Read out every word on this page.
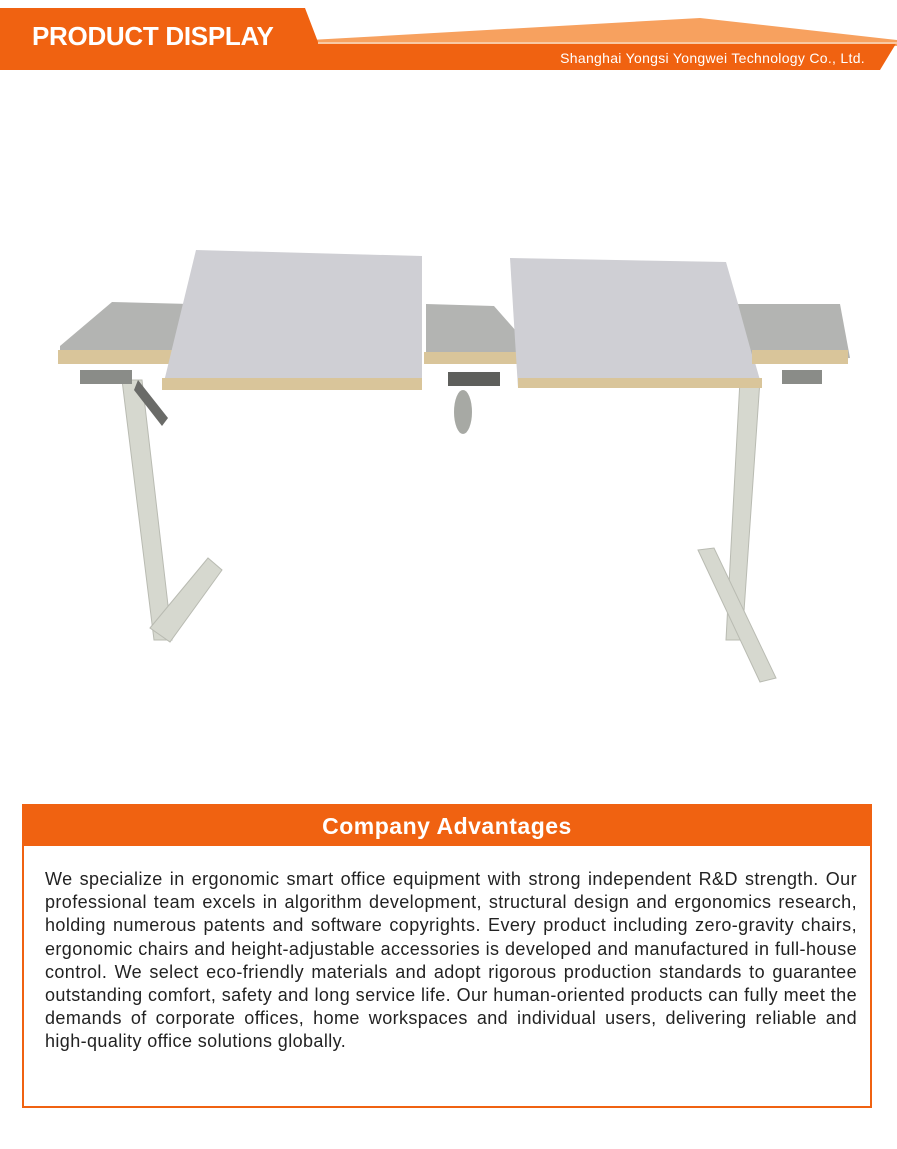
PRODUCT DISPLAY
Shanghai Yongsi Yongwei Technology Co., Ltd.
Company Advantages
We specialize in ergonomic smart office equipment with strong independent R&D strength. Our professional team excels in algorithm development, structural design and ergonomics research, holding numerous patents and software copyrights. Every product including zero-gravity chairs, ergonomic chairs and height-adjustable accessories is developed and manufactured in full-house control. We select eco-friendly materials and adopt rigorous production standards to guarantee outstanding comfort, safety and long service life. Our human-oriented products can fully meet the demands of corporate offices, home workspaces and individual users, delivering reliable and high-quality office solutions globally.
